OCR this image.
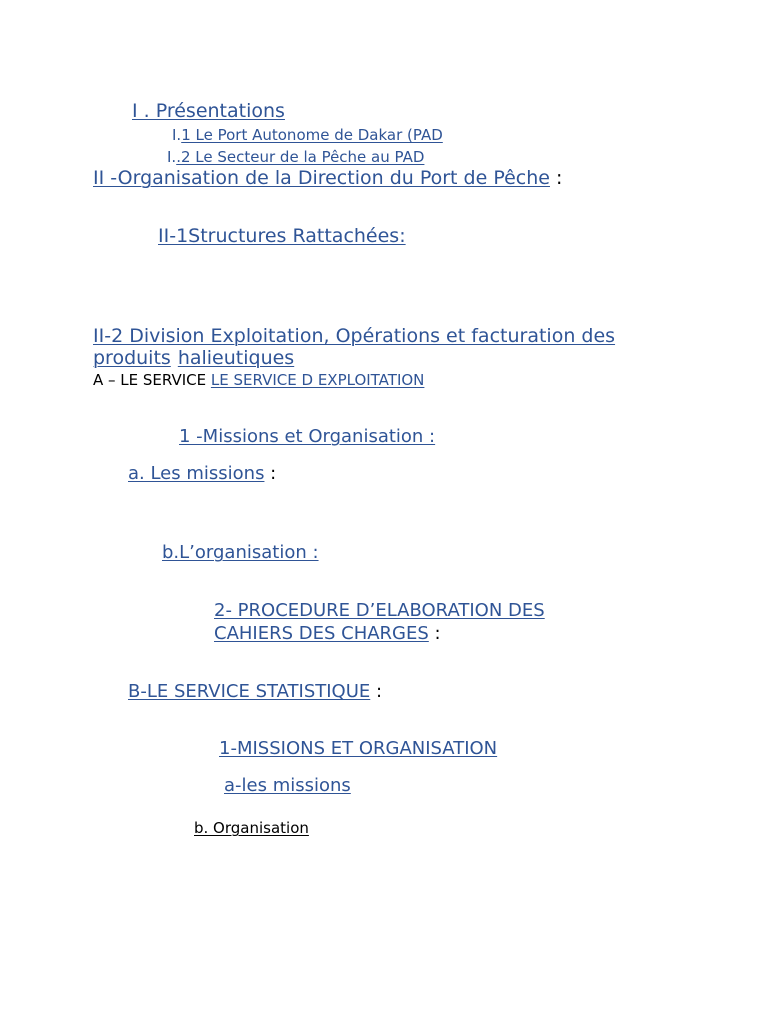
I . Présentations
I.1 Le Port Autonome de Dakar (PAD
I..2 Le Secteur de la Pêche au PAD
II -Organisation de la Direction du Port de Pêche :
II-1Structures Rattachées:
II-2 Division Exploitation, Opérations et facturation des
produits halieutiques
A – LE SERVICE LE SERVICE D EXPLOITATION
1 -Missions et Organisation :
a. Les missions :
b.L’organisation :
2- PROCEDURE D’ELABORATION DES
CAHIERS DES CHARGES :
B-LE SERVICE STATISTIQUE :
1-MISSIONS ET ORGANISATION
a-les missions
b. Organisation
